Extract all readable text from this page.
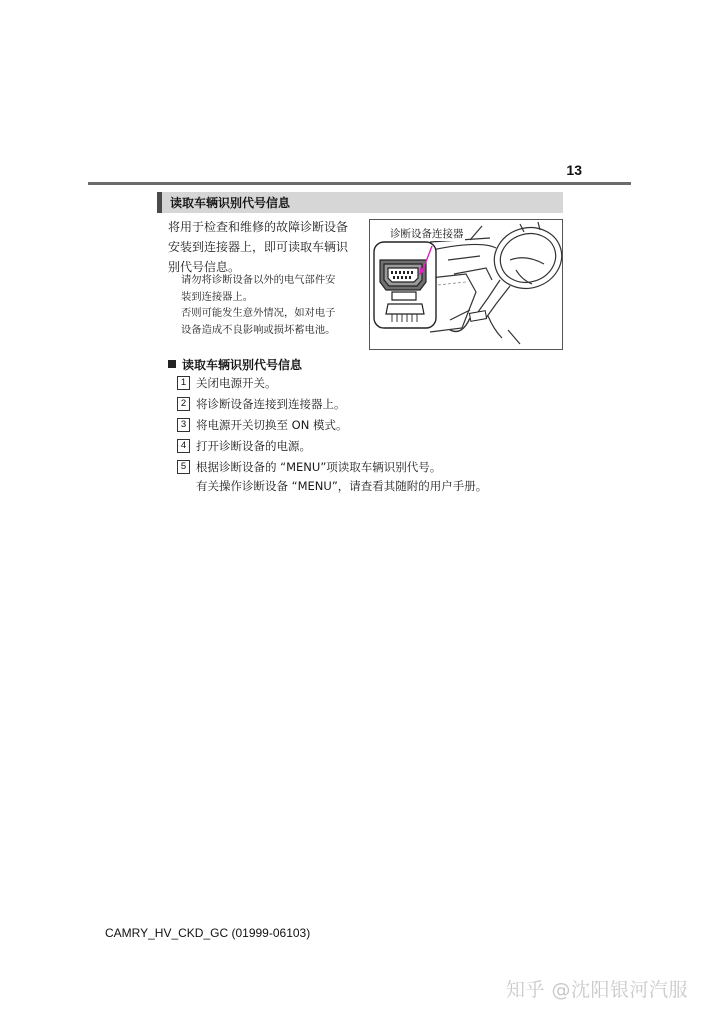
13
读取车辆识别代号信息
将用于检查和维修的故障诊断设备
安装到连接器上，即可读取车辆识
别代号信息。

请勿将诊断设备以外的电气部件安

装到连接器上。

否则可能发生意外情况，如对电子

设备造成不良影响或损坏蓄电池。

诊断设备连接器
读取车辆识别代号信息
1 关闭电源开关。
2 将诊断设备连接到连接器上。
3 将电源开关切换至 ON 模式。
4 打开诊断设备的电源。
5 根据诊断设备的 “MENU”项读取车辆识别代号。
有关操作诊断设备 “MENU”，请查看其随附的用户手册。
CAMRY_HV_CKD_GC (01999-06103)
知乎 @沈阳银河汽服
